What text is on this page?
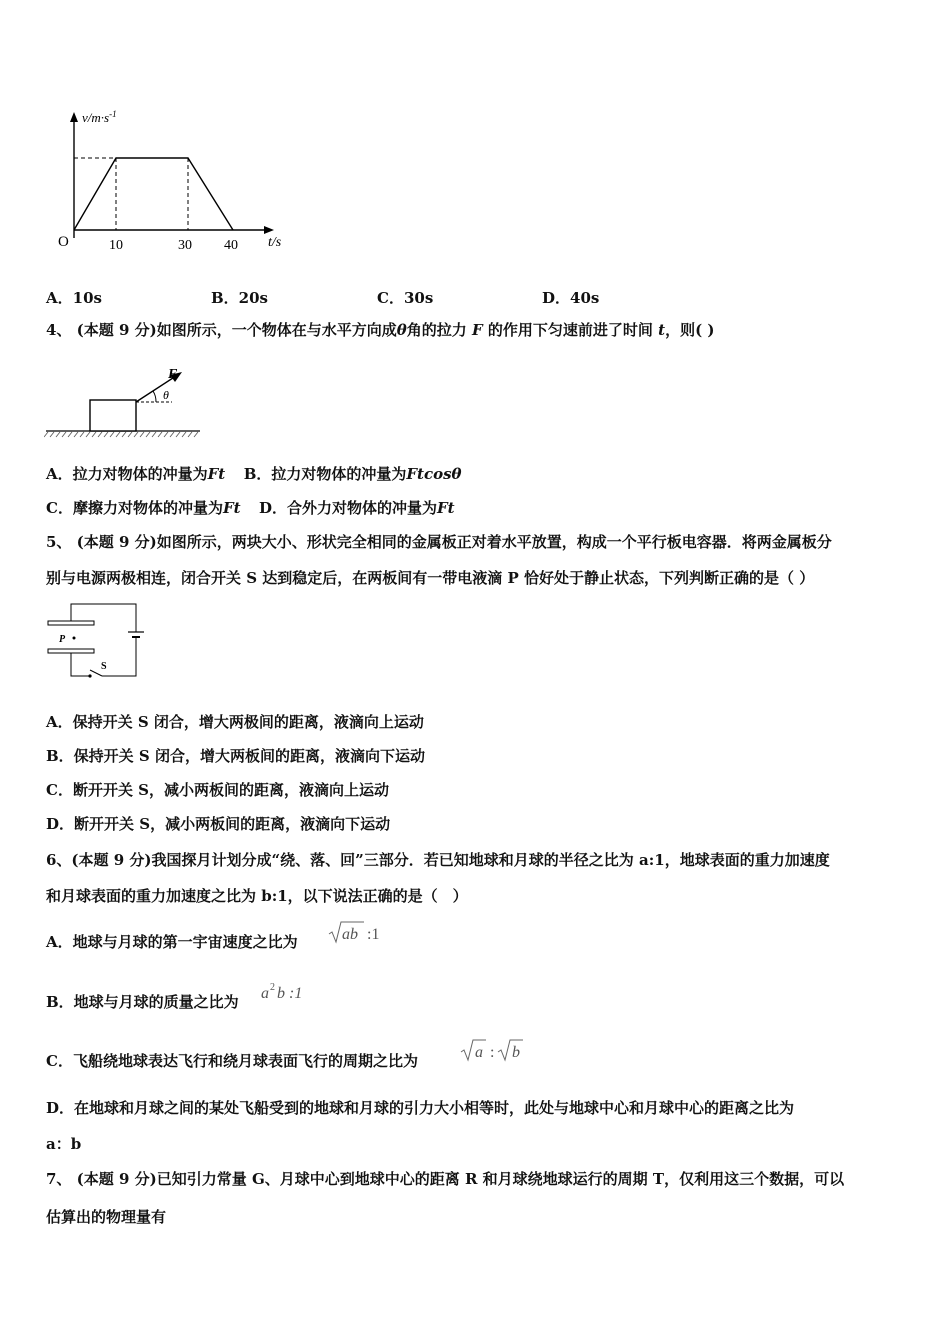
$v/m\cdot s^{-1}$
O	10	30 40 t/s
A．10s	B．20s	C．30s	D．40s
4、 (本题 9 分)如图所示，一个物体在与水平方向成θ角的拉力 F 的作用下匀速前进了时间 t，则( )
F
θ
A．拉力对物体的冲量为Ft B．拉力对物体的冲量为Ftcosθ
C．摩擦力对物体的冲量为Ft D．合外力对物体的冲量为Ft
5、 (本题 9 分)如图所示，两块大小、形状完全相同的金属板正对着水平放置，构成一个平行板电容器．将两金属板分
别与电源两极相连，闭合开关 S 达到稳定后，在两板间有一带电液滴 P 恰好处于静止状态，下列判断正确的是（ ）
P
S
A．保持开关 S 闭合，增大两极间的距离，液滴向上运动
B．保持开关 S 闭合，增大两板间的距离，液滴向下运动
C．断开开关 S，减小两板间的距离，液滴向上运动
D．断开开关 S，减小两板间的距离，液滴向下运动
6、(本题 9 分)我国探月计划分成“绕、落、回”三部分．若已知地球和月球的半径之比为 a:1，地球表面的重力加速度
和月球表面的重力加速度之比为 b:1，以下说法正确的是（　）
A．地球与月球的第一宇宙速度之比为	ab :1
B．地球与月球的质量之比为 a 2 b :1
C．飞船绕地球表达飞行和绕月球表面飞行的周期之比为	a : b
D．在地球和月球之间的某处飞船受到的地球和月球的引力大小相等时，此处与地球中心和月球中心的距离之比为
a：b
7、 (本题 9 分)已知引力常量 G、月球中心到地球中心的距离 R 和月球绕地球运行的周期 T，仅利用这三个数据，可以
估算出的物理量有
